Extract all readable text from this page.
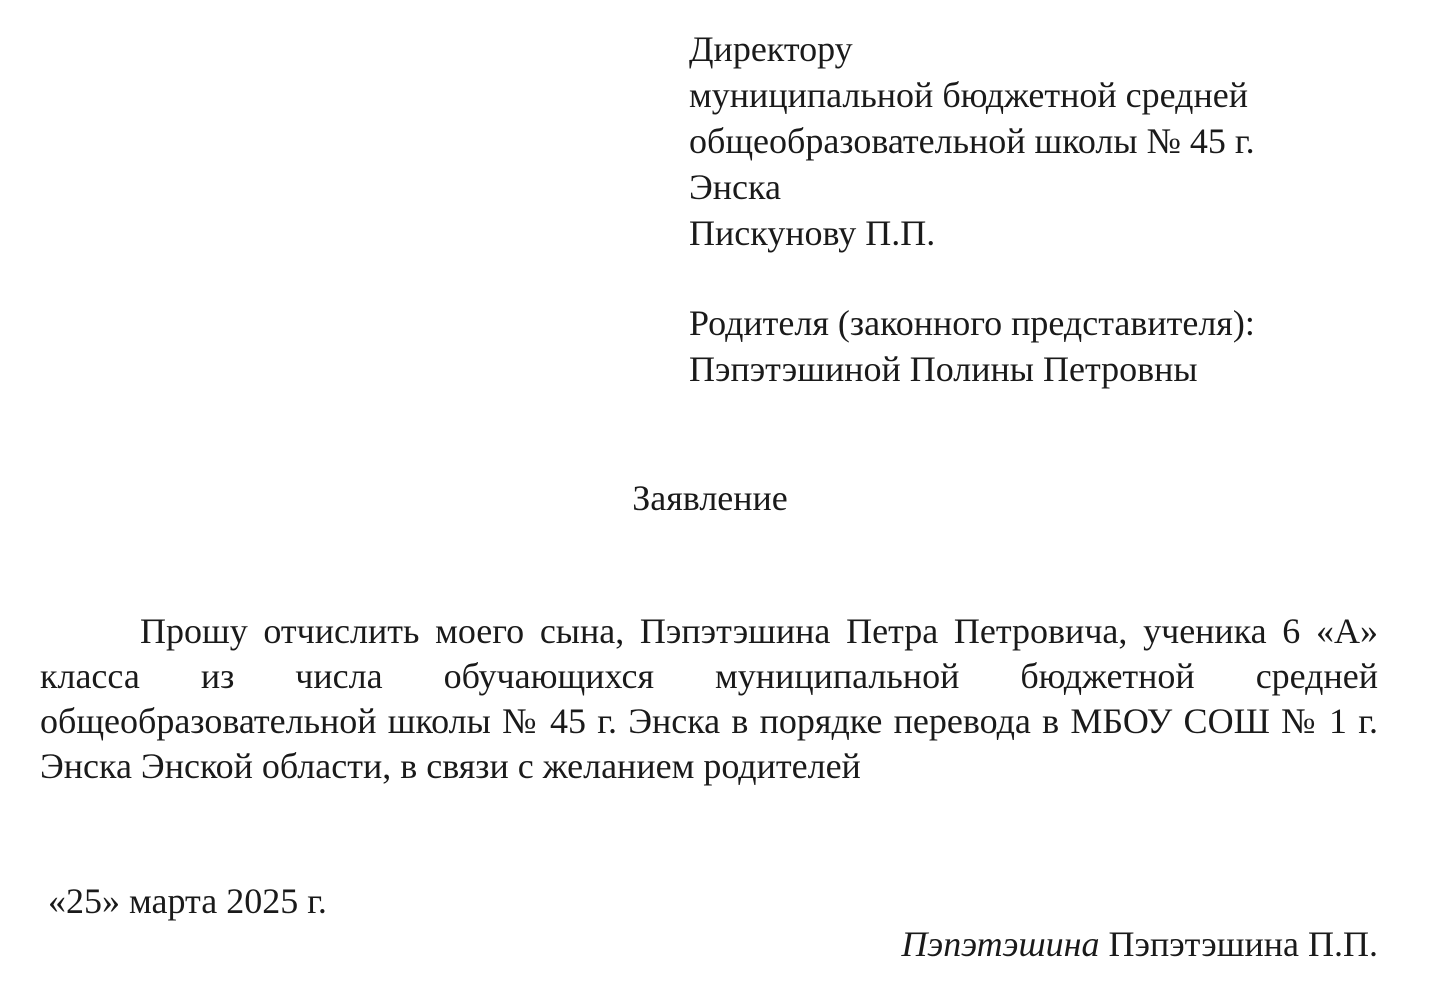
Директору
муниципальной бюджетной средней
общеобразовательной школы № 45 г.
Энска
Пискунову П.П.
Родителя (законного представителя):
Пэпэтэшиной Полины Петровны
Заявление
Прошу отчислить моего сына, Пэпэтэшина Петра Петровича, ученика 6 «А» класса из числа обучающихся муниципальной бюджетной средней общеобразовательной школы № 45 г. Энска в порядке перевода в МБОУ СОШ № 1 г. Энска Энской области, в связи с желанием родителей
«25» марта 2025 г.
Пэпэтэшина Пэпэтэшина П.П.
